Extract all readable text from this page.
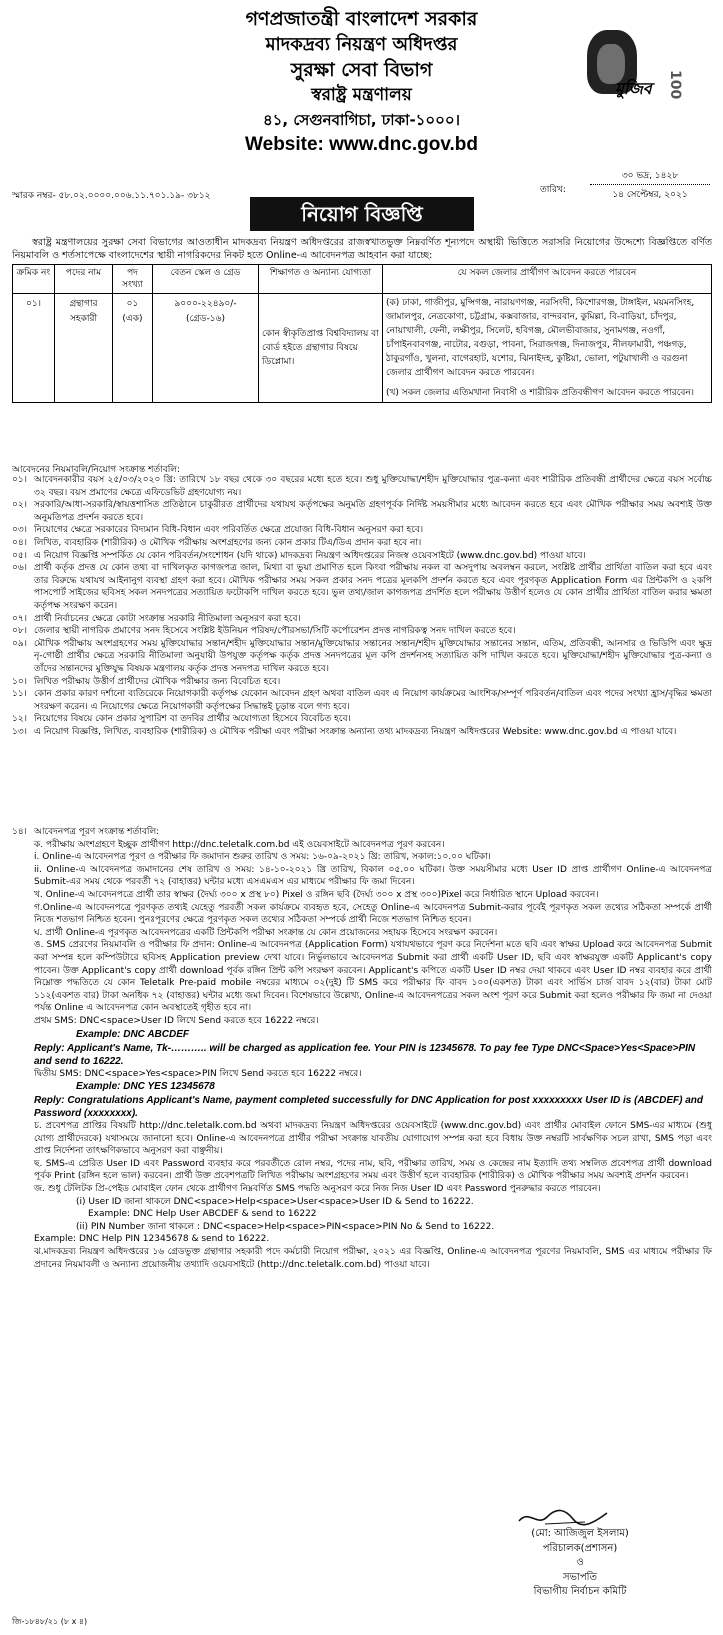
গণপ্রজাতন্ত্রী বাংলাদেশ সরকার
মাদকদ্রব্য নিয়ন্ত্রণ অধিদপ্তর
সুরক্ষা সেবা বিভাগ
স্বরাষ্ট্র মন্ত্রণালয়
৪১, সেগুনবাগিচা, ঢাকা-১০০০।
Website: www.dnc.gov.bd
মুজিব 100
স্মারক নম্বর- ৫৮.০২.০০০০.০০৬.১১.৭০১.১৯- ৩৮১২
তারিখ:
৩০ ভদ্র, ১৪২৮
১৪ সেপ্টেম্বর, ২০২১
নিয়োগ বিজ্ঞপ্তি
স্বরাষ্ট্র মন্ত্রণালয়ের সুরক্ষা সেবা বিভাগের আওতাধীন মাদকদ্রব্য নিয়ন্ত্রণ অধিদপ্তরের রাজস্বখাতভুক্ত নিম্নবর্ণিত শূন্যপদে অস্থায়ী ভিত্তিতে সরাসরি নিয়োগের উদ্দেশ্যে বিজ্ঞপ্তিতে বর্ণিত নিয়মাবলি ও শর্তসাপেক্ষে বাংলাদেশের স্থায়ী নাগরিকদের নিকট হতে Online-এ আবেদনপত্র আহবান করা যাচ্ছে:
ক্রমিক নং	পদের নাম	পদ সংখ্যা	বেতন স্কেল ও গ্রেড	শিক্ষাগত ও অন্যান্য যোগ্যতা	যে সকল জেলার প্রার্থীগণ আবেদন করতে পারবেন
০১।	গ্রন্থাগার সহকারী	০১ (এক)	৯০০০-২২৪৯০/- (গ্রেড-১৬)	কোন স্বীকৃতিপ্রাপ্ত বিশ্ববিদ্যালয় বা বোর্ড হইতে গ্রন্থাগার বিষয়ে ডিপ্লোমা।	(ক) ঢাকা, গাজীপুর, মুন্সিগঞ্জ, নারায়ণগঞ্জ, নরসিংদী, কিশোরগঞ্জ, টাঙ্গাইল, ময়মনসিংহ, জামালপুর, নেত্রকোণা, চট্টগ্রাম, কক্সবাজার, বান্দরবান, কুমিল্লা, বি-বাড়িয়া, চাঁদপুর, নোয়াখালী, ফেনী, লক্ষীপুর, সিলেট, হবিগঞ্জ, মৌলভীবাজার, সুনামগঞ্জ, নওগাঁ, চাঁপাইনবাবগঞ্জ, নাটোর, বগুড়া, পাবনা, সিরাজগঞ্জ, দিনাজপুর, নীলফামারী, পঞ্চগড়, ঠাকুরগাঁও, খুলনা, বাগেরহাট, যশোর, ঝিনাইদহ, কুষ্টিয়া, ভোলা, পটুয়াখালী ও বরগুনা জেলার প্রার্থীগণ আবেদন করতে পারবেন।
(খ) সকল জেলার এতিমখানা নিবাসী ও শারীরিক প্রতিবন্ধীগণ আবেদন করতে পারবেন।
আবেদনের নিয়মাবলি/নিয়োগ সংক্রান্ত শর্তাবলি:
০১। আবেদনকারীর বয়স ২৫/০৩/২০২০ খ্রি: তারিখে ১৮ বছর থেকে ৩০ বছরের মধ্যে হতে হবে। শুধু মুক্তিযোদ্ধা/শহীদ মুক্তিযোদ্ধার পুত্র-কন্যা এবং শারীরিক প্রতিবন্ধী প্রার্থীদের ক্ষেত্রে বয়স সর্বোচ্চ ৩২ বছর। বয়স প্রমাণের ক্ষেত্রে এফিডেভিট গ্রহণযোগ্য নয়।
০২। সরকারি/আধা-সরকারি/স্বায়ত্তশাসিত প্রতিষ্ঠানে চাকুরীরত প্রার্থীদের যথাযথ কর্তৃপক্ষের অনুমতি গ্রহণপূর্বক নির্দিষ্ট সময়সীমার মধ্যে আবেদন করতে হবে এবং মৌখিক পরীক্ষার সময় অবশ্যই উক্ত অনুমতিপত্র প্রদর্শন করতে হবে।
০৩। নিয়োগের ক্ষেত্রে সরকারের বিদ্যমান বিধি-বিধান এবং পরিবর্তিত ক্ষেত্রে প্রযোজ্য বিধি-বিধান অনুসরণ করা হবে।
০৪। লিখিত, ব্যবহারিক (শারীরিক) ও মৌখিক পরীক্ষায় অংশগ্রহণের জন্য কোন প্রকার টিএ/ডিএ প্রদান করা হবে না।
০৫। এ নিয়োগ বিজ্ঞপ্তি সম্পর্কিত যে কোন পরিবর্তন/সংশোধন (যদি থাকে) মাদকদ্রব্য নিয়ন্ত্রণ অধিদপ্তরের নিজস্ব ওয়েবসাইটে (www.dnc.gov.bd) পাওয়া যাবে।
০৬। প্রার্থী কর্তৃক প্রদত্ত যে কোন তথ্য বা দাখিলকৃত কাগজপত্র জাল, মিথ্যা বা ভুয়া প্রমাণিত হলে কিংবা পরীক্ষায় নকল বা অসদুপায় অবলম্বন করলে, সংশ্লিষ্ট প্রার্থীর প্রার্থিতা বাতিল করা হবে এবং তার বিরুদ্ধে যথাযথ আইনানুগ ব্যবস্থা গ্রহণ করা হবে। মৌখিক পরীক্ষার সময় সকল প্রকার সনদ পত্রের মূলকপি প্রদর্শন করতে হবে এবং পূরণকৃত Application Form এর প্রিন্টকপি ও ২কপি পাসপোর্ট সাইজের ছবিসহ সকল সনদপত্রের সত্যায়িত ফটোকপি দাখিল করতে হবে। ভুল তথ্য/জাল কাগজপত্র প্রদর্শিত হলে পরীক্ষায় উত্তীর্ণ হলেও যে কোন প্রার্থীর প্রার্থিতা বাতিল করার ক্ষমতা কর্তৃপক্ষ সংরক্ষণ করেন।
০৭। প্রার্থী নির্বাচনের ক্ষেত্রে কোটা সংক্রান্ত সরকারি নীতিমালা অনুসরণ করা হবে।
০৮। জেলার স্থায়ী নাগরিক প্রমাণের সনদ হিসেবে সংশ্লিষ্ট ইউনিয়ন পরিষদ/পৌরসভা/সিটি কর্পোরেশন প্রদত্ত নাগরিকত্ব সনদ দাখিল করতে হবে।
০৯। মৌখিক পরীক্ষায় অংশগ্রহণের সময় মুক্তিযোদ্ধার সন্তান/শহীদ মুক্তিযোদ্ধার সন্তান/মুক্তিযোদ্ধার সন্তানের সন্তান/শহীদ মুক্তিযোদ্ধার সন্তানের সন্তান, এতিম, প্রতিবন্ধী, আনসার ও ভিডিপি এবং ক্ষুদ্র নৃ-গোষ্ঠী প্রার্থীর ক্ষেত্রে সরকারি নীতিমালা অনুযায়ী উপযুক্ত কর্তৃপক্ষ কর্তৃক প্রদত্ত সনদপত্রের মূল কপি প্রদর্শনসহ সত্যায়িত কপি দাখিল করতে হবে। মুক্তিযোদ্ধা/শহীদ মুক্তিযোদ্ধার পুত্র-কন্যা ও তাঁদের সন্তানদের মুক্তিযুদ্ধ বিষয়ক মন্ত্রণালয় কর্তৃক প্রদত্ত সনদপত্র দাখিল করতে হবে।
১০। লিখিত পরীক্ষায় উত্তীর্ণ প্রার্থীদের মৌখিক পরীক্ষার জন্য বিবেচিত হবে।
১১। কোন প্রকার কারণ দর্শানো ব্যতিরেকে নিয়োগকারী কর্তৃপক্ষ যেকোন আবেদন গ্রহণ অথবা বাতিল এবং এ নিয়োগ কার্যক্রমের আংশিক/সম্পূর্ণ পরিবর্তন/বাতিল এবং পদের সংখ্যা হ্রাস/বৃদ্ধির ক্ষমতা সংরক্ষণ করেন। এ নিয়োগের ক্ষেত্রে নিয়োগকারী কর্তৃপক্ষের সিদ্ধান্তই চূড়ান্ত বলে গণ্য হবে।
১২। নিয়োগের বিষয়ে কোন প্রকার সুপারিশ বা তদবির প্রার্থীর অযোগ্যতা হিসেবে বিবেচিত হবে।
১৩। এ নিয়োগ বিজ্ঞপ্তি, লিখিত, ব্যবহারিক (শারীরিক) ও মৌখিক পরীক্ষা এবং পরীক্ষা সংক্রান্ত অন্যান্য তথ্য মাদকদ্রব্য নিয়ন্ত্রণ অধিদপ্তরের Website: www.dnc.gov.bd এ পাওয়া যাবে।
১৪। আবেদনপত্র পূরণ সংক্রান্ত শর্তাবলি:
ক. পরীক্ষায় অংশগ্রহণে ইচ্ছুক প্রার্থীগণ http://dnc.teletalk.com.bd এই ওয়েবসাইটে আবেদনপত্র পূরণ করবেন।
i. Online-এ আবেদনপত্র পূরণ ও পরীক্ষার ফি জমাদান শুরুর তারিখ ও সময়: ১৬-০৯-২০২১ খ্রি: তারিখ, সকাল:১০.০০ ঘটিকা।
ii. Online-এ আবেদনপত্র জমাদানের শেষ তারিখ ও সময়: ১৪-১০-২০২১ খ্রি তারিখ, বিকাল ০৫.০০ ঘটিকা। উক্ত সময়সীমার মধ্যে User ID প্রাপ্ত প্রার্থীগণ Online-এ আবেদনপত্র Submit-এর সময় থেকে পরবর্তী ৭২ (বাহাত্তর) ঘন্টার মধ্যে এসএমএস এর মাধ্যমে পরীক্ষার ফি জমা দিবেন।
খ. Online-এ আবেদনপত্রে প্রার্থী তার স্বাক্ষর (দৈর্ঘ্য ৩০০ x প্রস্থ ৮০) Pixel ও রঙ্গিন ছবি (দৈর্ঘ্য ৩০০ x প্রস্থ ৩০০)Pixel করে নির্ধারিত স্থানে Upload করবেন।
গ.Online-এ আবেদনপত্রে পূরণকৃত তথ্যই যেহেতু পরবর্তী সকল কার্যক্রমে ব্যবহৃত হবে, সেহেতু Online-এ আবেদনপত্র Submit-করার পূর্বেই পূরণকৃত সকল তথ্যের সঠিকতা সম্পর্কে প্রার্থী নিজে শতভাগ নিশ্চিত হবেন। পুনঃপূরণের ক্ষেত্রে পূরণকৃত সকল তথ্যের সঠিকতা সম্পর্কে প্রার্থী নিজে শতভাগ নিশ্চিত হবেন।
ঘ. প্রার্থী Online-এ পূরণকৃত আবেদনপত্রের একটি প্রিন্টকপি পরীক্ষা সংক্রান্ত যে কোন প্রয়োজনের সহায়ক হিসেবে সংরক্ষণ করবেন।
ঙ. SMS প্রেরণের নিয়মাবলি ও পরীক্ষার ফি প্রদান: Online-এ আবেদনপত্র (Application Form) যথাযথভাবে পূরণ করে নির্দেশনা মতে ছবি এবং স্বাক্ষর Upload করে আবেদনপত্র Submit করা সম্পন্ন হলে কম্পিউটারে ছবিসহ Application preview দেখা যাবে। নির্ভুলভাবে আবেদনপত্র Submit করা প্রার্থী একটি User ID, ছবি এবং স্বাক্ষরযুক্ত একটি Applicant's copy পাবেন। উক্ত Applicant's copy প্রার্থী download পূর্বক রঙ্গিন প্রিন্ট কপি সংরক্ষণ করবেন। Applicant's কপিতে একটি User ID নম্বর দেয়া থাকবে এবং User ID নম্বর ব্যবহার করে প্রার্থী নিম্নোক্ত পদ্ধতিতে যে কোন Teletalk Pre-paid mobile নম্বরের মাধ্যমে ০২(দুই) টি SMS করে পরীক্ষার ফি বাবদ ১০০(একশত) টাকা এবং সার্ভিস চার্জ বাবদ ১২(বার) টাকা মোট ১১২(একশত বার) টাকা অনধিক ৭২ (বাহাত্তর) ঘন্টার মধ্যে জমা দিবেন। বিশেষভাবে উল্লেখ্য, Online-এ আবেদনপত্রের সকল অংশ পূরণ করে Submit করা হলেও পরীক্ষার ফি জমা না দেওয়া পর্যন্ত Online এ আবেদনপত্র কোন অবস্থাতেই গৃহীত হবে না।
প্রথম SMS: DNC<space>User ID লিখে Send করতে হবে 16222 নম্বরে।
Example: DNC ABCDEF
Reply: Applicant's Name, Tk-……….. will be charged as application fee. Your PIN is 12345678. To pay fee Type DNC<Space>Yes<Space>PIN and send to 16222.
দ্বিতীয় SMS: DNC<space>Yes<space>PIN লিখে Send করতে হবে 16222 নম্বরে।
Example: DNC YES 12345678
Reply: Congratulations Applicant's Name, payment completed successfully for DNC Application for post xxxxxxxxx User ID is (ABCDEF) and Password (xxxxxxxx).
চ. প্রবেশপত্র প্রাপ্তির বিষয়টি http://dnc.teletalk.com.bd অথবা মাদকদ্রব্য নিয়ন্ত্রণ অধিদপ্তরের ওয়েবসাইটে (www.dnc.gov.bd) এবং প্রার্থীর মোবাইল ফোনে SMS-এর মাধ্যমে (শুধু যোগ্য প্রার্থীদেরকে) যথাসময়ে জানানো হবে। Online-এ আবেদনপত্রে প্রার্থীর পরীক্ষা সংক্রান্ত যাবতীয় যোগাযোগ সম্পন্ন করা হবে বিধায় উক্ত নম্বরটি সার্বক্ষণিক সচল রাখা, SMS পড়া এবং প্রাপ্ত নির্দেশনা তাৎক্ষণিকভাবে অনুসরণ করা বাঞ্ছনীয়।
ছ. SMS-এ প্রেরিত User ID এবং Password ব্যবহার করে পরবর্তীতে রোল নম্বর, পদের নাম, ছবি, পরীক্ষার তারিখ, সময় ও কেন্দ্রের নাম ইত্যাদি তথ্য সম্বলিত প্রবেশপত্র প্রার্থী download পূর্বক Print (রঙ্গিন হলে ভাল) করবেন। প্রার্থী উক্ত প্রবেশপত্রটি লিখিত পরীক্ষায় অংশগ্রহণের সময় এবং উত্তীর্ণ হলে ব্যবহারিক (শারীরিক) ও মৌখিক পরীক্ষার সময় অবশ্যই প্রদর্শন করবেন।
জ. শুধু টেলিটক প্রি-পেইড মোবাইল ফোন থেকে প্রার্থীগণ নিম্নবর্ণিত SMS পদ্ধতি অনুসরণ করে নিজ নিজ User ID এবং Password পুনরুদ্ধার করতে পারবেন।
(i) User ID জানা থাকলে DNC<space>Help<space>User<space>User ID & Send to 16222.
Example: DNC Help User ABCDEF & send to 16222
(ii) PIN Number জানা থাকলে : DNC<space>Help<space>PIN<space>PIN No & Send to 16222.
Example: DNC Help PIN 12345678 & send to 16222.
ঝ.মাদকদ্রব্য নিয়ন্ত্রণ অধিদপ্তরের ১৬ গ্রেডভুক্ত গ্রন্থাগার সহকারী পদে কর্মচারী নিয়োগ পরীক্ষা, ২০২১ এর বিজ্ঞপ্তি, Online-এ আবেদনপত্র পূরণের নিয়মাবলি, SMS এর মাধ্যমে পরীক্ষার ফি প্রদানের নিয়মাবলী ও অন্যান্য প্রয়োজনীয় তথ্যাদি ওয়েবসাইটে (http://dnc.teletalk.com.bd) পাওয়া যাবে।
(মো: আজিজুল ইসলাম)
পরিচালক(প্রশাসন)
ও
সভাপতি
বিভাগীয় নির্বাচন কমিটি
জি-১৮৪৮/২১ (৮ x ৪)
